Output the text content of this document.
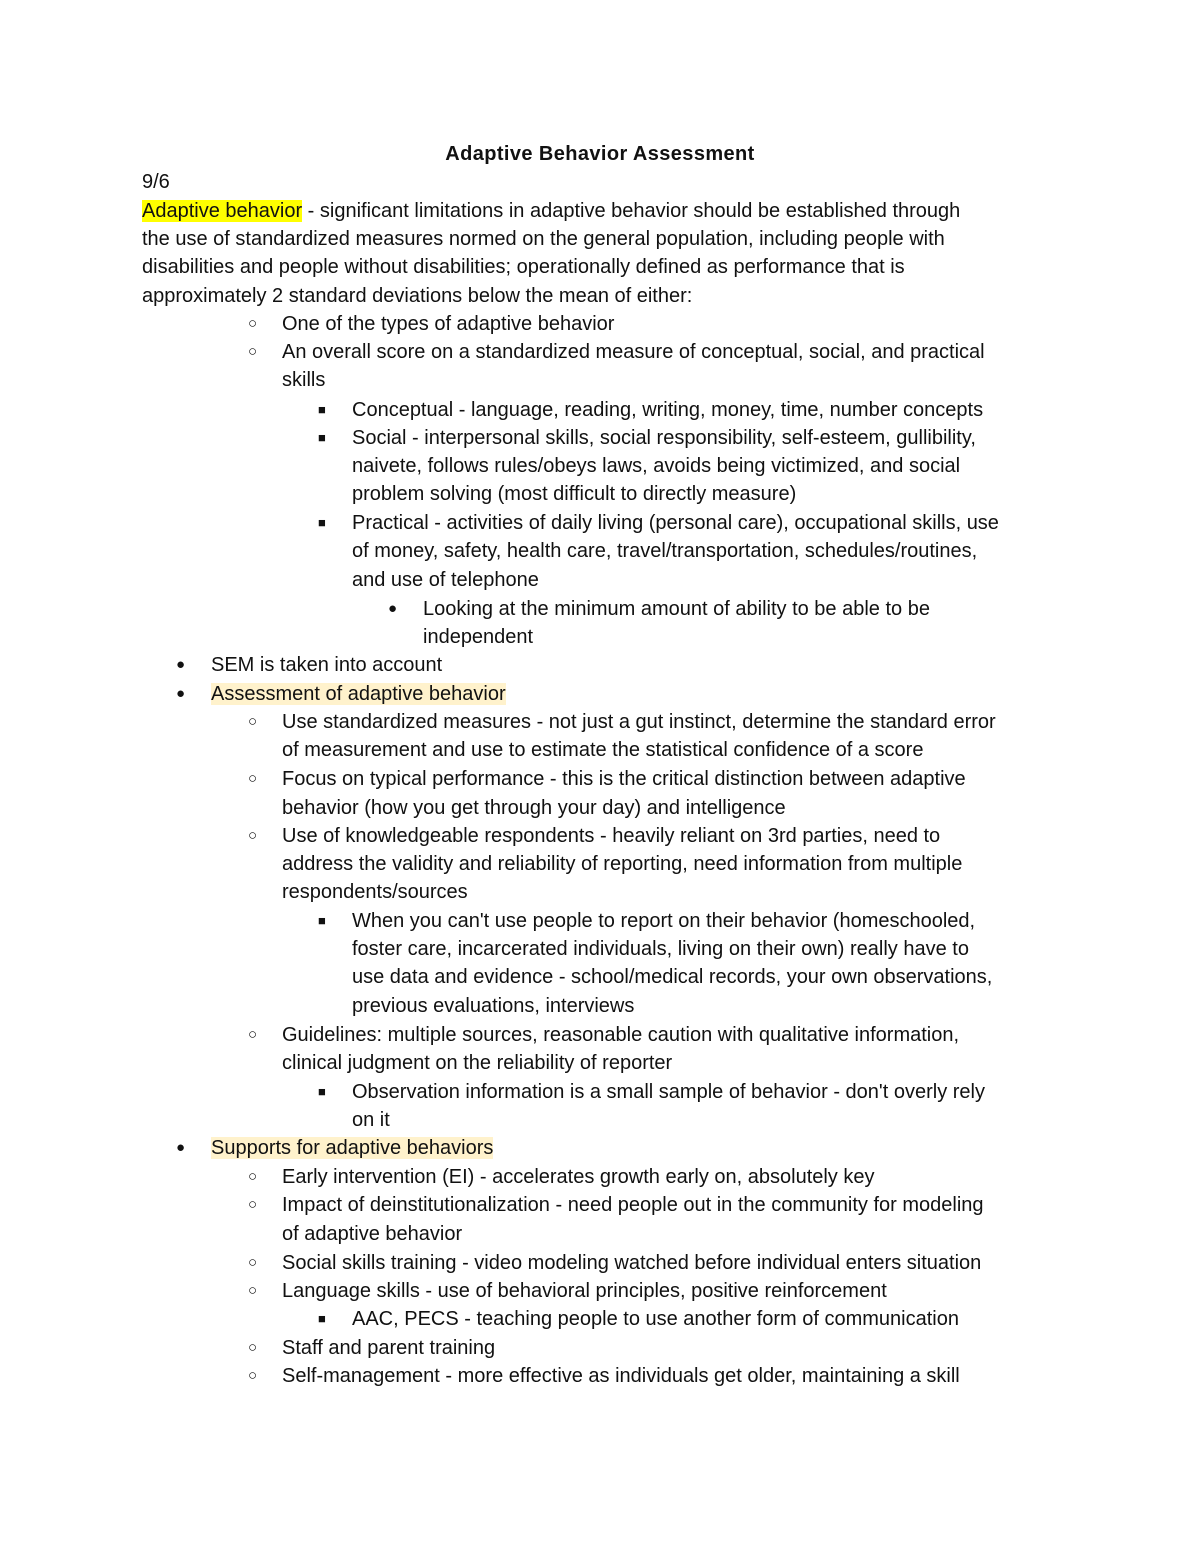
Adaptive Behavior Assessment
9/6
Adaptive behavior - significant limitations in adaptive behavior should be established through
the use of standardized measures normed on the general population, including people with
disabilities and people without disabilities; operationally defined as performance that is
approximately 2 standard deviations below the mean of either:
○ One of the types of adaptive behavior
○ An overall score on a standardized measure of conceptual, social, and practical
skills
■ Conceptual - language, reading, writing, money, time, number concepts
■ Social - interpersonal skills, social responsibility, self-esteem, gullibility,
naivete, follows rules/obeys laws, avoids being victimized, and social
problem solving (most difficult to directly measure)
■ Practical - activities of daily living (personal care), occupational skills, use
of money, safety, health care, travel/transportation, schedules/routines,
and use of telephone
● Looking at the minimum amount of ability to be able to be
independent
● SEM is taken into account
● Assessment of adaptive behavior
○ Use standardized measures - not just a gut instinct, determine the standard error
of measurement and use to estimate the statistical confidence of a score
○ Focus on typical performance - this is the critical distinction between adaptive
behavior (how you get through your day) and intelligence
○ Use of knowledgeable respondents - heavily reliant on 3rd parties, need to
address the validity and reliability of reporting, need information from multiple
respondents/sources
■ When you can't use people to report on their behavior (homeschooled,
foster care, incarcerated individuals, living on their own) really have to
use data and evidence - school/medical records, your own observations,
previous evaluations, interviews
○ Guidelines: multiple sources, reasonable caution with qualitative information,
clinical judgment on the reliability of reporter
■ Observation information is a small sample of behavior - don't overly rely
on it
● Supports for adaptive behaviors
○ Early intervention (EI) - accelerates growth early on, absolutely key
○ Impact of deinstitutionalization - need people out in the community for modeling
of adaptive behavior
○ Social skills training - video modeling watched before individual enters situation
○ Language skills - use of behavioral principles, positive reinforcement
■ AAC, PECS - teaching people to use another form of communication
○ Staff and parent training
○ Self-management - more effective as individuals get older, maintaining a skill
